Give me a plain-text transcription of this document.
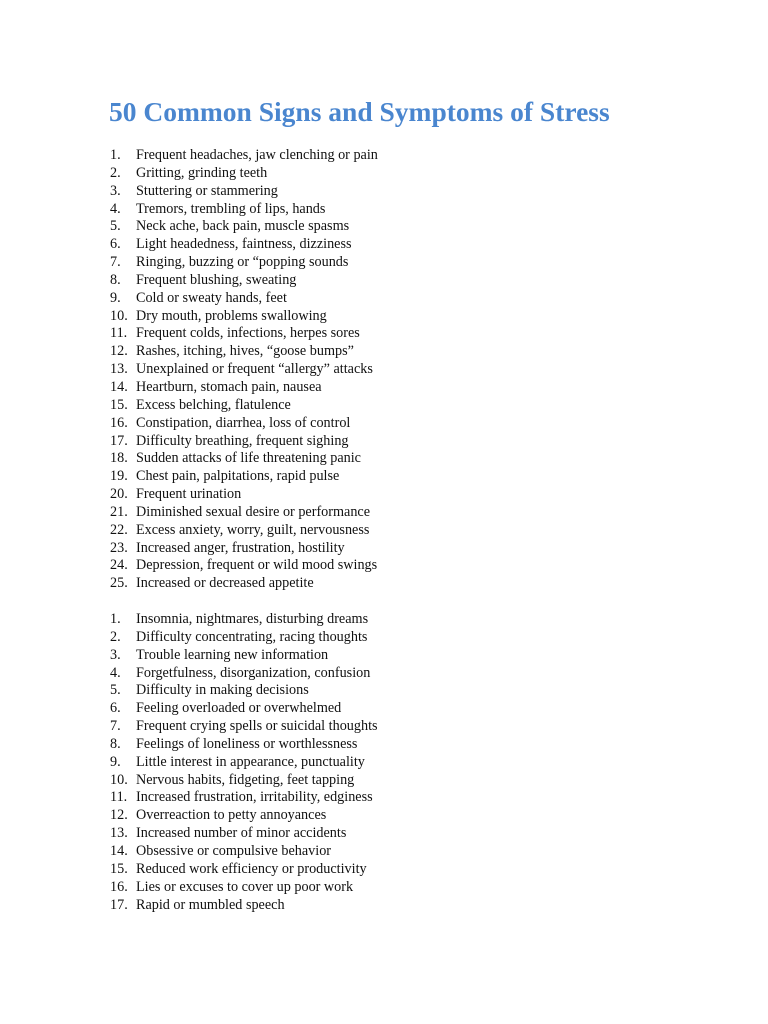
50 Common Signs and Symptoms of Stress
1.	Frequent headaches, jaw clenching or pain
2.	Gritting, grinding teeth
3.	Stuttering or stammering
4.	Tremors, trembling of lips, hands
5.	Neck ache, back pain, muscle spasms
6.	Light headedness, faintness, dizziness
7.	Ringing, buzzing or “popping sounds
8.	Frequent blushing, sweating
9.	Cold or sweaty hands, feet
10. Dry mouth, problems swallowing
11. Frequent colds, infections, herpes sores
12. Rashes, itching, hives, “goose bumps”
13. Unexplained or frequent “allergy” attacks
14. Heartburn, stomach pain, nausea
15. Excess belching, flatulence
16. Constipation, diarrhea, loss of control
17. Difficulty breathing, frequent sighing
18. Sudden attacks of life threatening panic
19. Chest pain, palpitations, rapid pulse
20. Frequent urination
21. Diminished sexual desire or performance
22. Excess anxiety, worry, guilt, nervousness
23. Increased anger, frustration, hostility
24. Depression, frequent or wild mood swings
25. Increased or decreased appetite
1.	Insomnia, nightmares, disturbing dreams
2.	Difficulty concentrating, racing thoughts
3.	Trouble learning new information
4.	Forgetfulness, disorganization, confusion
5.	Difficulty in making decisions
6.	Feeling overloaded or overwhelmed
7.	Frequent crying spells or suicidal thoughts
8.	Feelings of loneliness or worthlessness
9.	Little interest in appearance, punctuality
10. Nervous habits, fidgeting, feet tapping
11. Increased frustration, irritability, edginess
12. Overreaction to petty annoyances
13. Increased number of minor accidents
14. Obsessive or compulsive behavior
15. Reduced work efficiency or productivity
16. Lies or excuses to cover up poor work
17. Rapid or mumbled speech
